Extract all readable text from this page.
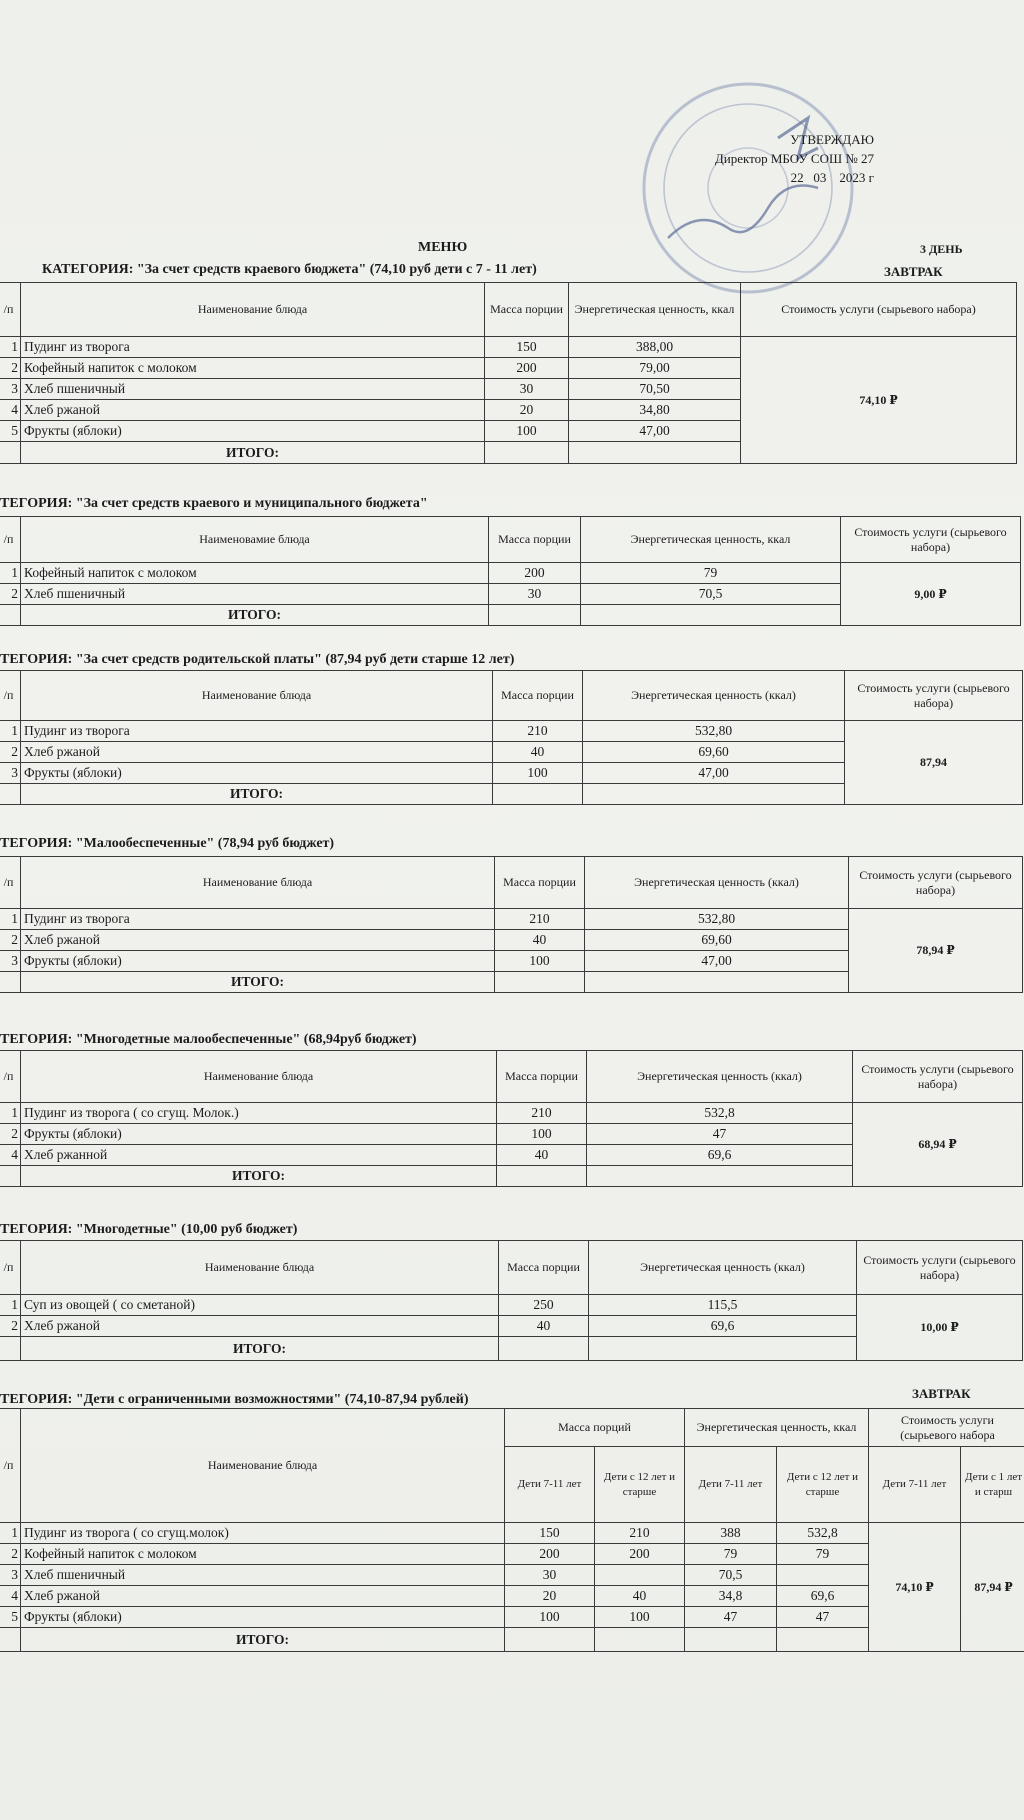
УТВЕРЖДАЮ
Директор МБОУ СОШ № 27
22   03    2023 г
МЕНЮ	3 ДЕНЬ
КАТЕГОРИЯ: "За счет средств краевого бюджета" (74,10 руб дети с 7 - 11 лет)	ЗАВТРАК
/п	Наименование блюда	Масса порции	Энергетическая ценность, ккал	Стоимость услуги (сырьевого набора)
1	Пудинг из творога	150	388,00	74,10 ₽
2	Кофейный напиток с молоком	200	79,00	
3	Хлеб пшеничный	30	70,50	
4	Хлеб ржаной	20	34,80	
5	Фрукты (яблоки)	100	47,00	
	ИТОГО:			
ТЕГОРИЯ: "За счет средств краевого и муниципального бюджета"
/п	Наименовамие блюда	Масса порции	Энергетическая ценность, ккал	Стоимость услуги (сырьевого набора)
1	Кофейный напиток с молоком	200	79	9,00 ₽
2	Хлеб пшеничный	30	70,5	
	ИТОГО:			
ТЕГОРИЯ: "За счет средств родительской платы" (87,94 руб дети старше 12 лет)
/п	Наименование блюда	Масса порции	Энергетическая ценность (ккал)	Стоимость услуги (сырьевого набора)
1	Пудинг из творога	210	532,80	87,94
2	Хлеб ржаной	40	69,60	
3	Фрукты (яблоки)	100	47,00	
	ИТОГО:			
ТЕГОРИЯ: "Малообеспеченные" (78,94 руб бюджет)
/п	Наименование блюда	Масса порции	Энергетическая ценность (ккал)	Стоимость услуги (сырьевого набора)
1	Пудинг из творога	210	532,80	78,94 ₽
2	Хлеб ржаной	40	69,60	
3	Фрукты (яблоки)	100	47,00	
	ИТОГО:			
ТЕГОРИЯ: "Многодетные малообеспеченные" (68,94руб бюджет)
/п	Наименование блюда	Масса порции	Энергетическая ценность (ккал)	Стоимость услуги (сырьевого набора)
1	Пудинг из творога ( со сгущ. Молок.)	210	532,8	68,94 ₽
2	Фрукты (яблоки)	100	47	
4	Хлеб ржанной	40	69,6	
	ИТОГО:			
ТЕГОРИЯ: "Многодетные" (10,00 руб бюджет)
/п	Наименование блюда	Масса порции	Энергетическая ценность (ккал)	Стоимость услуги (сырьевого набора)
1	Суп из овощей ( со сметаной)	250	115,5	10,00 ₽
2	Хлеб ржаной	40	69,6	
	ИТОГО:			
ТЕГОРИЯ: "Дети с ограниченными возможностями" (74,10-87,94 рублей)	ЗАВТРАК
/п	Наименование блюда	Масса порций		Энергетическая ценность, ккал		Стоимость услуги (сырьевого набора	
		Дети 7-11 лет	Дети с 12 лет и старше	Дети 7-11 лет	Дети с 12 лет и старше	Дети 7-11 лет	Дети с 1 лет и старш
1	Пудинг из творога ( со сгущ.молок)	150	210	388	532,8	74,10 ₽	87,94 ₽
2	Кофейный напиток с молоком	200	200	79	79		
3	Хлеб пшеничный	30		70,5			
4	Хлеб ржаной	20	40	34,8	69,6		
5	Фрукты (яблоки)	100	100	47	47		
	ИТОГО:						
